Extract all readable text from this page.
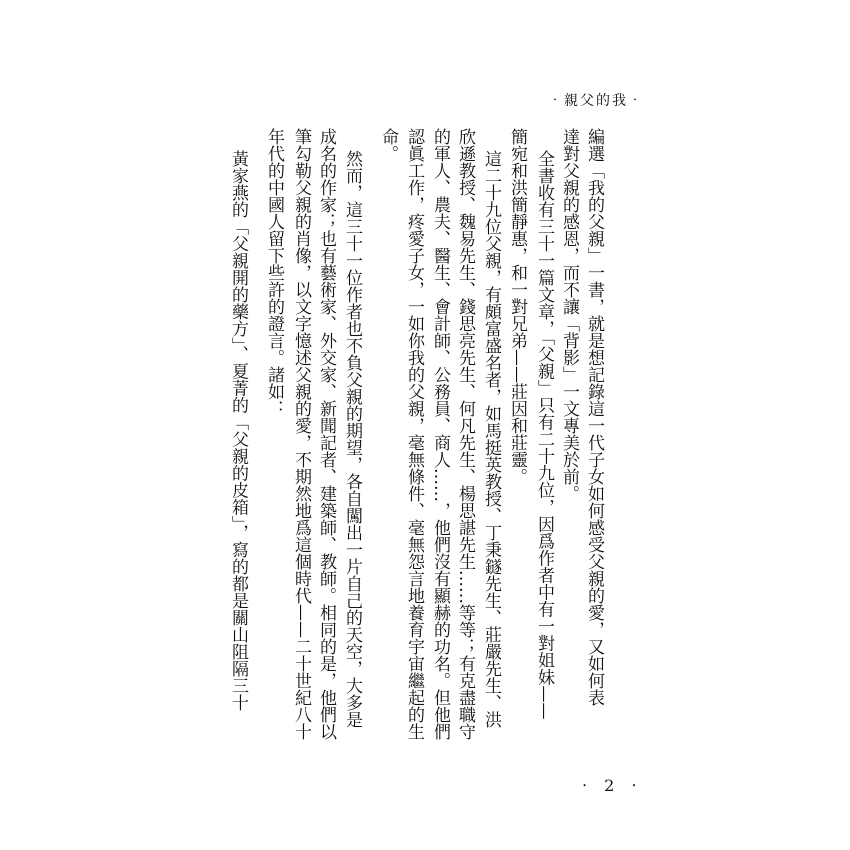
‧親父的我‧
編選「我的父親」一書，就是想記錄這一代子女如何感受父親的愛，又如何表
達對父親的感恩，而不讓「背影」一文專美於前。
全書收有三十一篇文章，「父親」只有二十九位，因爲作者中有一對姐妹——
簡宛和洪簡靜惠，和一對兄弟——莊因和莊靈。
這二十九位父親，有頗富盛名者，如馬挺英教授、丁秉鐩先生、莊嚴先生、洪
欣遜教授、魏易先生、錢思亮先生、何凡先生、楊思諶先生……等等；有克盡職守
的軍人、農夫、醫生、會計師、公務員、商人……，他們沒有顯赫的功名。但他們
認眞工作，疼愛子女，一如你我的父親，毫無條件、毫無怨言地養育宇宙繼起的生
命。
然而，這三十一位作者也不負父親的期望，各自闖出一片自己的天空，大多是
成名的作家；也有藝術家、外交家、新聞記者、建築師、教師。相同的是，他們以
筆勾勒父親的肖像，以文字憶述父親的愛，不期然地爲這個時代——二十世紀八十
年代的中國人留下些許的證言。諸如：
黃家燕的「父親開的藥方」、夏菁的「父親的皮箱」，寫的都是關山阻隔三十
‧ 2 ‧
